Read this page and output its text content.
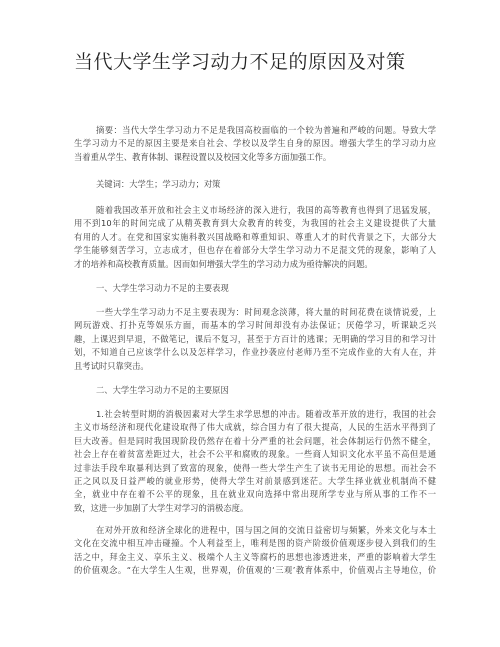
当代大学生学习动力不足的原因及对策
摘要：当代大学生学习动力不足是我国高校面临的一个较为普遍和严峻的问题。导致大学
生学习动力不足的原因主要是来自社会、学校以及学生自身的原因。增强大学生的学习动力应
当着重从学生、教育体制、课程设置以及校园文化等多方面加强工作。
关键词：大学生；学习动力；对策
随着我国改革开放和社会主义市场经济的深入进行，我国的高等教育也得到了迅猛发展，
用不到10年的时间完成了从精英教育到大众教育的转变，为我国的社会主义建设提供了大量
有用的人才。在党和国家实施科教兴国战略和尊重知识、尊重人才的时代背景之下，大部分大
学生能够刻苦学习，立志成才，但也存在着部分大学生学习动力不足混文凭的现象，影响了人
才的培养和高校教育质量。因而如何增强大学生的学习动力成为亟待解决的问题。
一、大学生学习动力不足的主要表现
一些大学生学习动力不足主要表现为：时间观念淡薄，将大量的时间花费在谈情说爱，上
网玩游戏、打扑克等娱乐方面，而基本的学习时间却没有办法保证；厌倦学习，听课缺乏兴
趣，上课迟到早退，不做笔记，课后不复习，甚至于方百计的逃课；无明确的学习目的和学习计
划，不知道自己应该学什么以及怎样学习，作业抄袭应付老师乃至不完成作业的大有人在，并
且考试时只靠突击。
二、大学生学习动力不足的主要原因
1.社会转型时期的消极因素对大学生求学思想的冲击。随着改革开放的进行，我国的社会
主义市场经济和现代化建设取得了伟大成就，综合国力有了很大提高，人民的生活水平得到了
巨大改善。但是同时我国现阶段仍然存在着十分严重的社会问题，社会体制运行仍然不健全，
社会上存在着贫富差距过大，社会不公平和腐败的现象。一些商人知识文化水平虽不高但是通
过非法手段牟取暴利达到了致富的现象，使得一些大学生产生了读书无用论的思想。而社会不
正之风以及日益严峻的就业形势，使得大学生对前景感到迷茫。大学生择业就业机制尚不健
全，就业中存在着不公平的现象，且在就业双向选择中常出现所学专业与所从事的工作不一
致，这进一步加剧了大学生对学习的消极态度。
在对外开放和经济全球化的进程中，国与国之间的交流日益密切与频繁，外来文化与本土
文化在交流中相互冲击碰撞。个人利益至上，唯利是图的资产阶级价值观逐步侵入到我们的生
活之中，拜金主义、享乐主义、极端个人主义等腐朽的思想也渗透进来，严重的影响着大学生
的价值观念。“在大学生人生观，世界观，价值观的‘三观’教育体系中，价值观占主导地位，价
